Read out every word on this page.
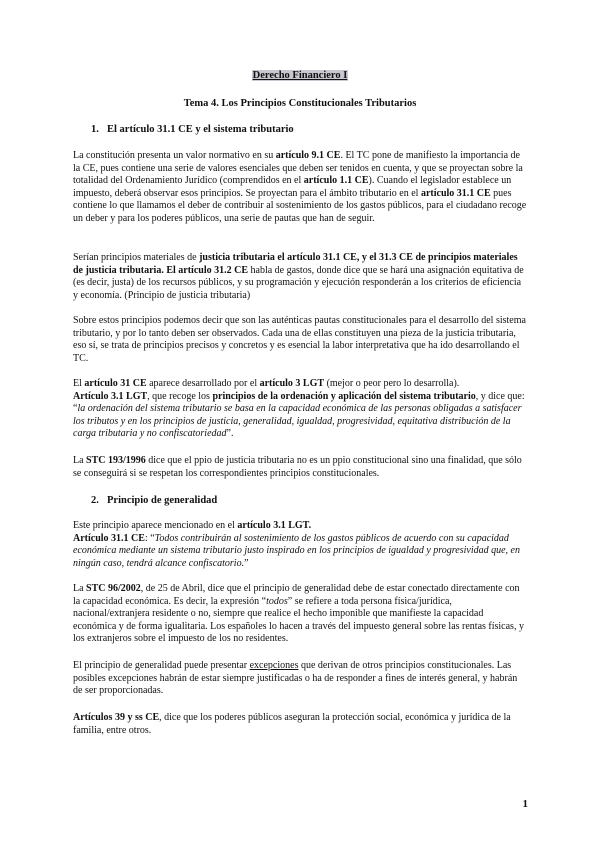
Derecho Financiero I
Tema 4. Los Principios Constitucionales Tributarios
1. El artículo 31.1 CE y el sistema tributario
La constitución presenta un valor normativo en su artículo 9.1 CE. El TC pone de manifiesto la importancia de la CE, pues contiene una serie de valores esenciales que deben ser tenidos en cuenta, y que se proyectan sobre la totalidad del Ordenamiento Jurídico (comprendidos en el artículo 1.1 CE). Cuando el legislador establece un impuesto, deberá observar esos principios. Se proyectan para el ámbito tributario en el artículo 31.1 CE pues contiene lo que llamamos el deber de contribuir al sostenimiento de los gastos públicos, para el ciudadano recoge un deber y para los poderes públicos, una serie de pautas que han de seguir.
Serían principios materiales de justicia tributaria el artículo 31.1 CE, y el 31.3 CE de principios materiales de justicia tributaria. El artículo 31.2 CE habla de gastos, donde dice que se hará una asignación equitativa de (es decir, justa) de los recursos públicos, y su programación y ejecución responderán a los criterios de eficiencia y economía. (Principio de justicia tributaria)
Sobre estos principios podemos decir que son las auténticas pautas constitucionales para el desarrollo del sistema tributario, y por lo tanto deben ser observados. Cada una de ellas constituyen una pieza de la justicia tributaria, eso sí, se trata de principios precisos y concretos y es esencial la labor interpretativa que ha ido desarrollando el TC.
El artículo 31 CE aparece desarrollado por el artículo 3 LGT (mejor o peor pero lo desarrolla).
Artículo 3.1 LGT, que recoge los principios de la ordenación y aplicación del sistema tributario, y dice que: “la ordenación del sistema tributario se basa en la capacidad económica de las personas obligadas a satisfacer los tributos y en los principios de justicia, generalidad, igualdad, progresividad, equitativa distribución de la carga tributaria y no confiscatoriedad”.
La STC 193/1996 dice que el ppio de justicia tributaria no es un ppio constitucional sino una finalidad, que sólo se conseguirá si se respetan los correspondientes principios constitucionales.
2. Principio de generalidad
Este principio aparece mencionado en el artículo 3.1 LGT.
Artículo 31.1 CE: “Todos contribuirán al sostenimiento de los gastos públicos de acuerdo con su capacidad económica mediante un sistema tributario justo inspirado en los principios de igualdad y progresividad que, en ningún caso, tendrá alcance confiscatorio.”
La STC 96/2002, de 25 de Abril, dice que el principio de generalidad debe de estar conectado directamente con la capacidad económica. Es decir, la expresión “todos” se refiere a toda persona física/jurídica, nacional/extranjera residente o no, siempre que realice el hecho imponible que manifieste la capacidad económica y de forma igualitaria. Los españoles lo hacen a través del impuesto general sobre las rentas físicas, y los extranjeros sobre el impuesto de los no residentes.
El principio de generalidad puede presentar excepciones que derivan de otros principios constitucionales. Las posibles excepciones habrán de estar siempre justificadas o ha de responder a fines de interés general, y habrán de ser proporcionadas.
Artículos 39 y ss CE, dice que los poderes públicos aseguran la protección social, económica y jurídica de la familia, entre otros.
1
